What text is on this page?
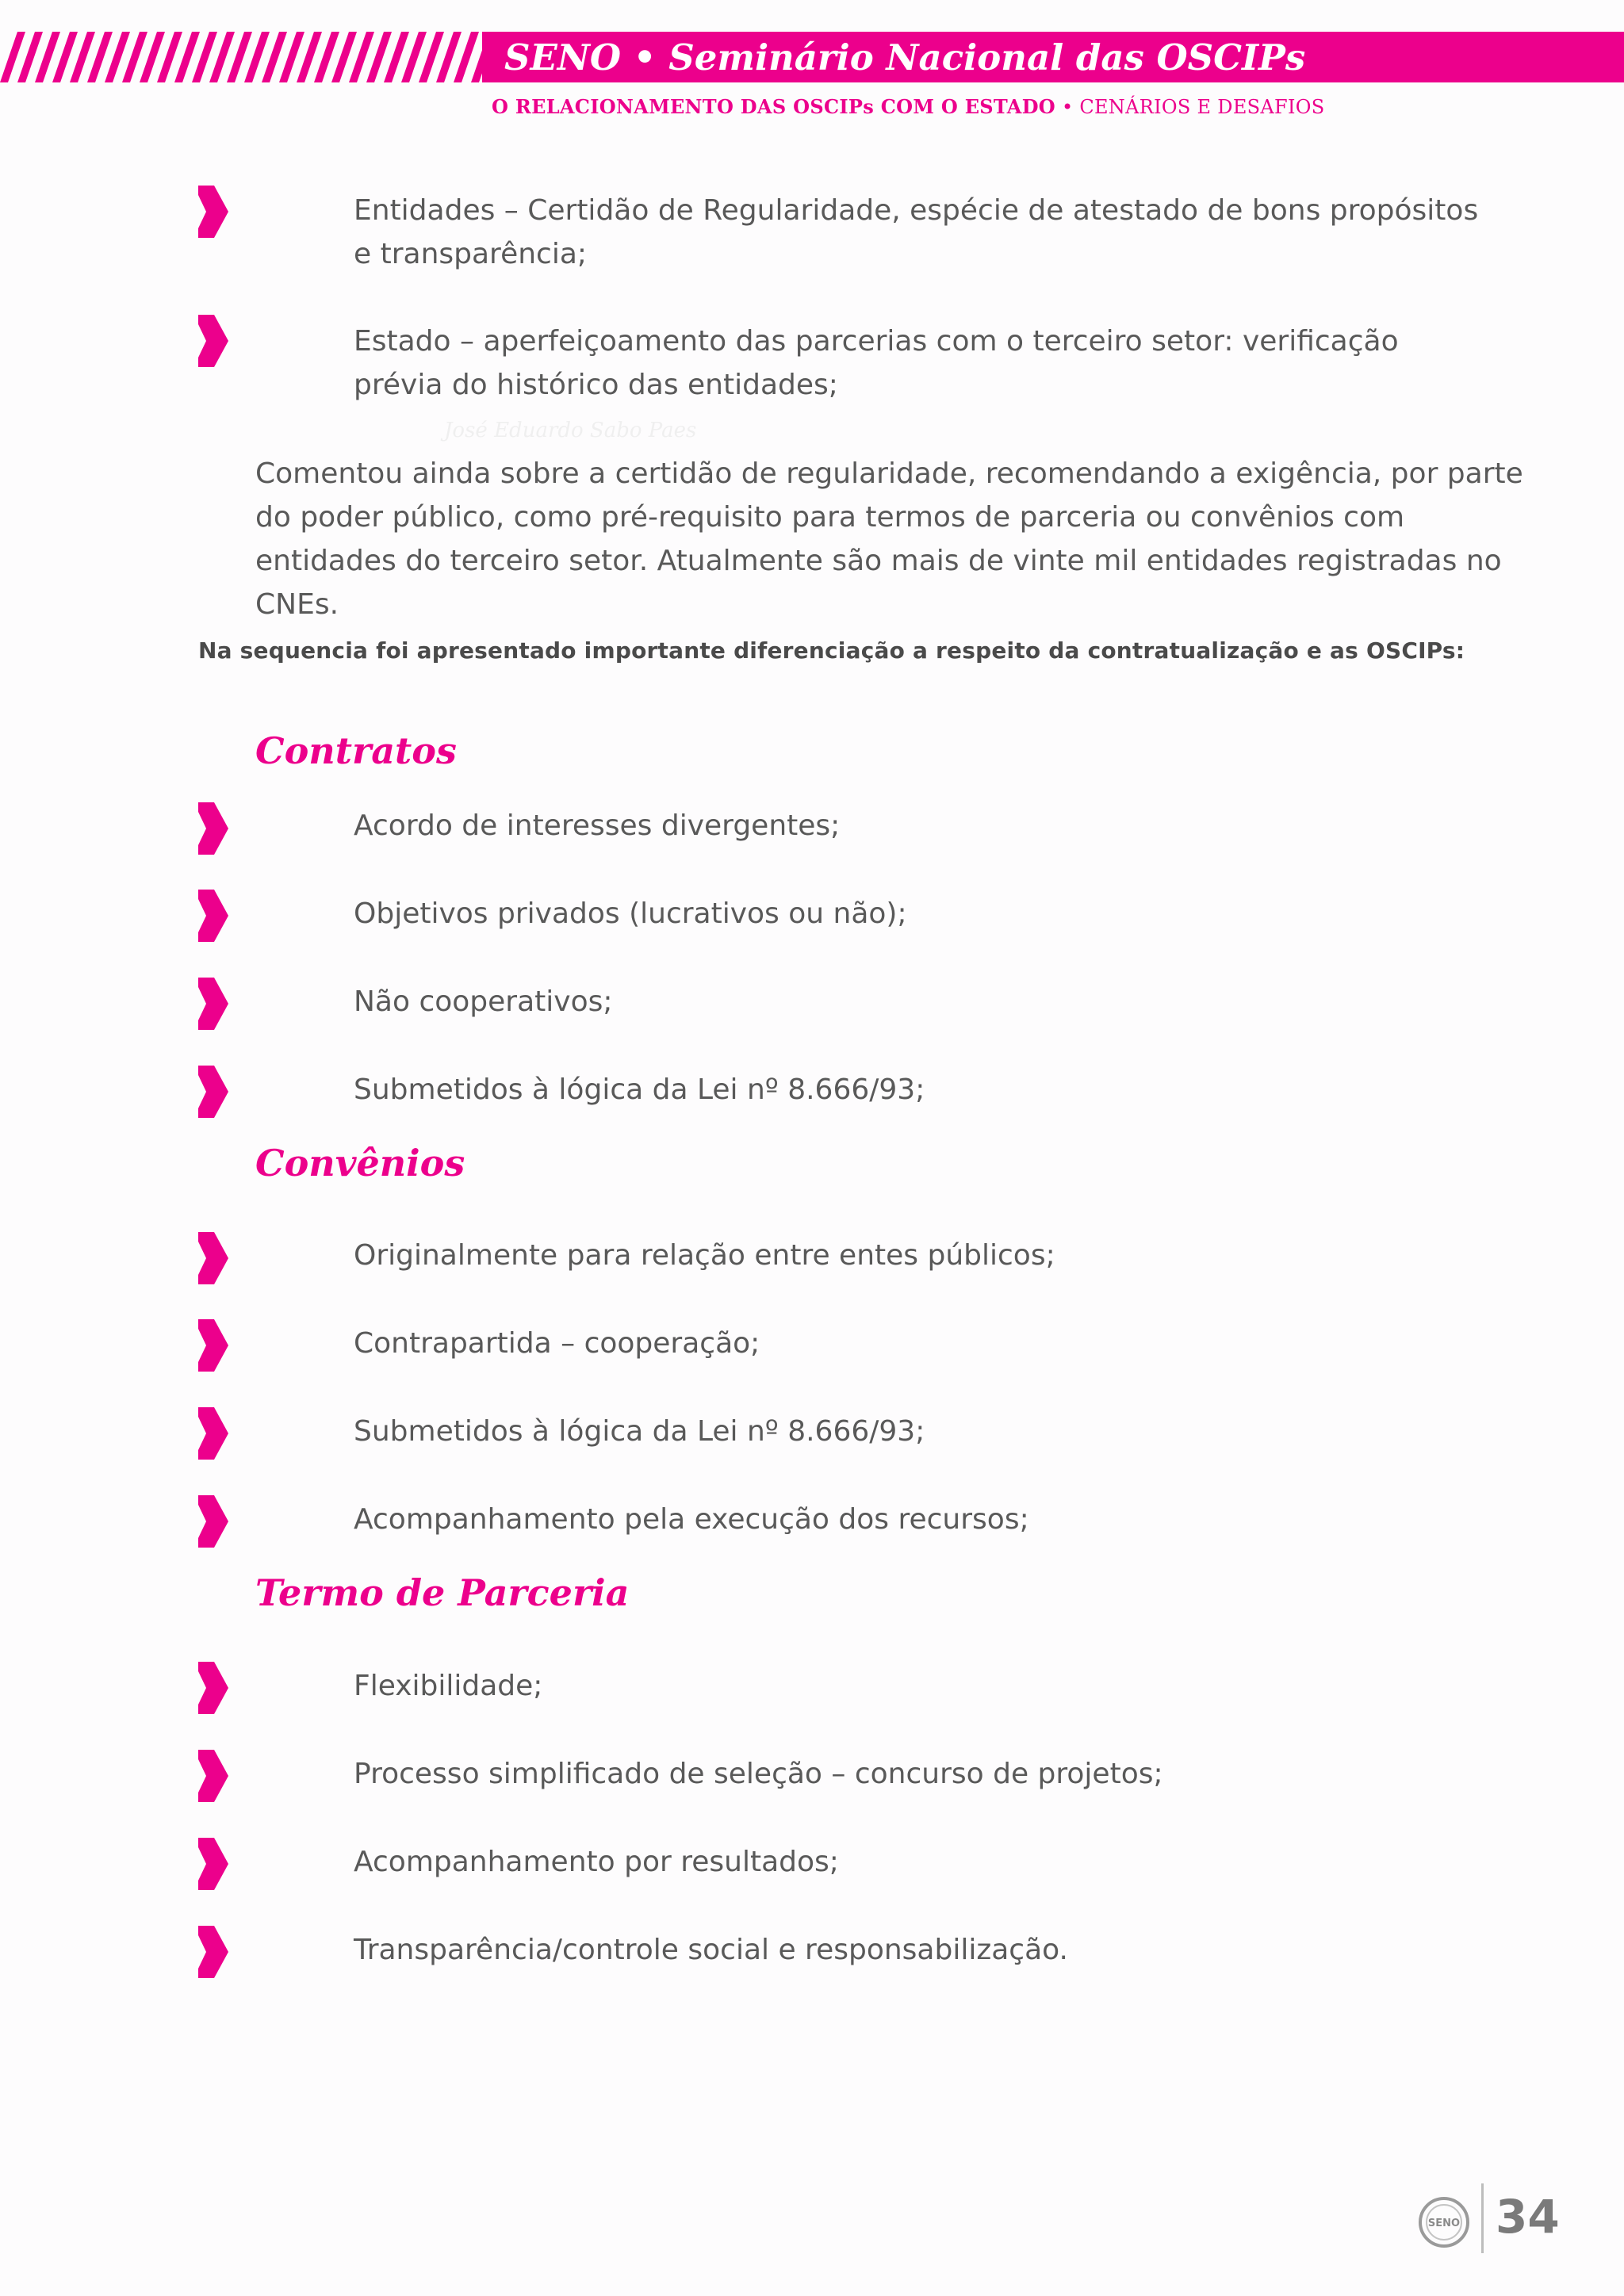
SENO • Seminário Nacional das OSCIPs
O RELACIONAMENTO DAS OSCIPs COM O ESTADO • CENÁRIOS E DESAFIOS
Entidades – Certidão de Regularidade, espécie de atestado de bons propósitos e transparência;
Estado – aperfeiçoamento das parcerias com o terceiro setor: verificação prévia do histórico das entidades;
José Eduardo Sabo Paes
Comentou ainda sobre a certidão de regularidade, recomendando a exigência, por parte do poder público, como pré-requisito para termos de parceria ou convênios com entidades do terceiro setor. Atualmente são mais de vinte mil entidades registradas no CNEs.
Na sequencia foi apresentado importante diferenciação a respeito da contratualização e as OSCIPs:
Contratos
Acordo de interesses divergentes;
Objetivos privados (lucrativos ou não);
Não cooperativos;
Submetidos à lógica da Lei nº 8.666/93;
Convênios
Originalmente para relação entre entes públicos;
Contrapartida – cooperação;
Submetidos à lógica da Lei nº 8.666/93;
Acompanhamento pela execução dos recursos;
Termo de Parceria
Flexibilidade;
Processo simplificado de seleção – concurso de projetos;
Acompanhamento por resultados;
Transparência/controle social e responsabilização.
SENO 34
